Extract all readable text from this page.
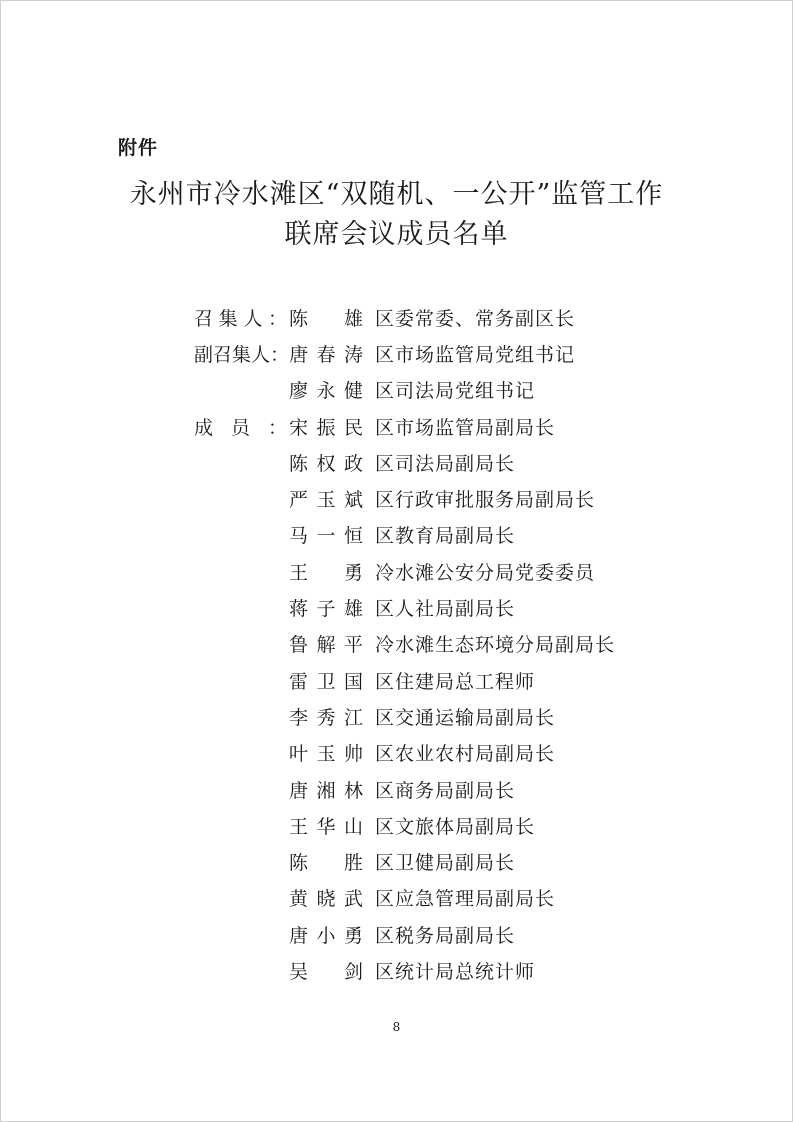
附件
永州市冷水滩区“双随机、一公开”监管工作
联席会议成员名单
召 集 人 ： 陈 雄 区委常委、常务副区长
副 召 集 人 ： 唐 春 涛 区市场监管局党组书记
廖 永 健 区司法局党组书记
成 员 ： 宋 振 民 区市场监管局副局长
陈 权 政 区司法局副局长
严 玉 斌 区行政审批服务局副局长
马 一 恒 区教育局副局长
王 勇 冷水滩公安分局党委委员
蒋 子 雄 区人社局副局长
鲁 解 平 冷水滩生态环境分局副局长
雷 卫 国 区住建局总工程师
李 秀 江 区交通运输局副局长
叶 玉 帅 区农业农村局副局长
唐 湘 林 区商务局副局长
王 华 山 区文旅体局副局长
陈 胜 区卫健局副局长
黄 晓 武 区应急管理局副局长
唐 小 勇 区税务局副局长
吴 剑 区统计局总统计师
8
